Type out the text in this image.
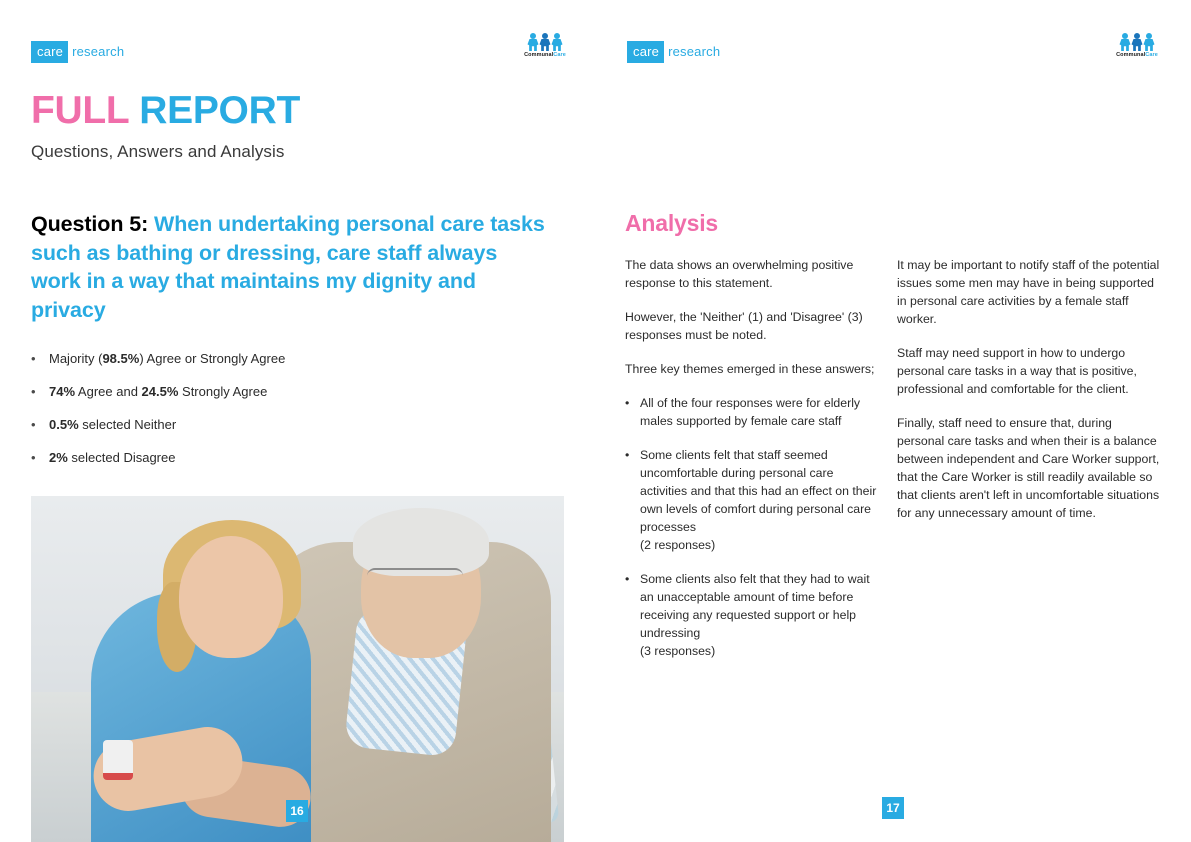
care research	CommunalCare
FULL REPORT
Questions, Answers and Analysis
Question 5: When undertaking personal care tasks such as bathing or dressing, care staff always work in a way that maintains my dignity and privacy
•	Majority (98.5%) Agree or Strongly Agree
•	74% Agree and 24.5% Strongly Agree
•	0.5% selected Neither
•	2% selected Disagree
16
care research	CommunalCare
Analysis

The data shows an overwhelming positive response to this statement.

However, the 'Neither' (1) and 'Disagree' (3) responses must be noted.

Three key themes emerged in these answers;

• All of the four responses were for elderly males supported by female care staff
• Some clients felt that staff seemed uncomfortable during personal care activities and that this had an effect on their own levels of comfort during personal care processes
(2 responses)
• Some clients also felt that they had to wait an unacceptable amount of time before receiving any requested support or help undressing
(3 responses)

It may be important to notify staff of the potential issues some men may have in being supported in personal care activities by a female staff worker.

Staff may need support in how to undergo personal care tasks in a way that is positive, professional and comfortable for the client.

Finally, staff need to ensure that, during personal care tasks and when their is a balance between independent and Care Worker support, that the Care Worker is still readily available so that clients aren't left in uncomfortable situations for any unnecessary amount of time.

17
